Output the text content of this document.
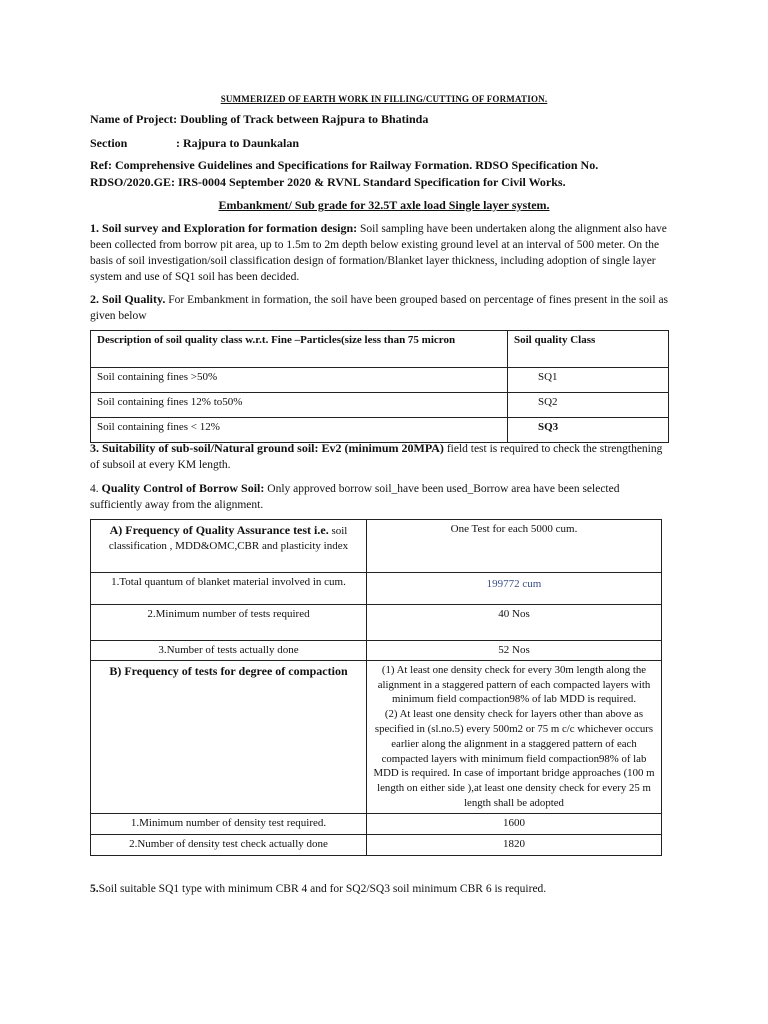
SUMMERIZED OF EARTH WORK IN FILLING/CUTTING OF FORMATION.
Name of Project: Doubling of Track between Rajpura to Bhatinda
Section	: Rajpura to Daunkalan
Ref: Comprehensive Guidelines and Specifications for Railway Formation. RDSO Specification No.
RDSO/2020.GE: IRS-0004 September 2020 & RVNL Standard Specification for Civil Works.
Embankment/ Sub grade for 32.5T axle load Single layer system.
1. Soil survey and Exploration for formation design: Soil sampling have been undertaken along the alignment also have been collected from borrow pit area, up to 1.5m to 2m depth below existing ground level at an interval of 500 meter. On the basis of soil investigation/soil classification design of formation/Blanket layer thickness, including adoption of single layer system and use of SQ1 soil has been decided.
2. Soil Quality. For Embankment in formation, the soil have been grouped based on percentage of fines present in the soil as given below
Description of soil quality class w.r.t. Fine –Particles(size less than 75 micron	Soil quality Class
Soil containing fines >50%	SQ1
Soil containing fines 12% to50%	SQ2
Soil containing fines < 12%	SQ3
3. Suitability of sub-soil/Natural ground soil: Ev2 (minimum 20MPA) field test is required to check the strengthening of subsoil at every KM length.
4. Quality Control of Borrow Soil: Only approved borrow soil_have been used_Borrow area have been selected sufficiently away from the alignment.
A) Frequency of Quality Assurance test i.e. soil classification , MDD&OMC,CBR and plasticity index	One Test for each 5000 cum.
1.Total quantum of blanket material involved in cum.	199772 cum
2.Minimum number of tests required	40 Nos
3.Number of tests actually done	52 Nos
B) Frequency of tests for degree of compaction	(1) At least one density check for every 30m length along the alignment in a staggered pattern of each compacted layers with minimum field compaction98% of lab MDD is required.
(2) At least one density check for layers other than above as specified in (sl.no.5) every 500m2 or 75 m c/c whichever occurs earlier along the alignment in a staggered pattern of each compacted layers with minimum field compaction98% of lab MDD is required. In case of important bridge approaches (100 m length on either side ),at least one density check for every 25 m length shall be adopted

1.Minimum number of density test required.	1600
2.Number of density test check actually done	1820
5.Soil suitable SQ1 type with minimum CBR 4 and for SQ2/SQ3 soil minimum CBR 6 is required.
